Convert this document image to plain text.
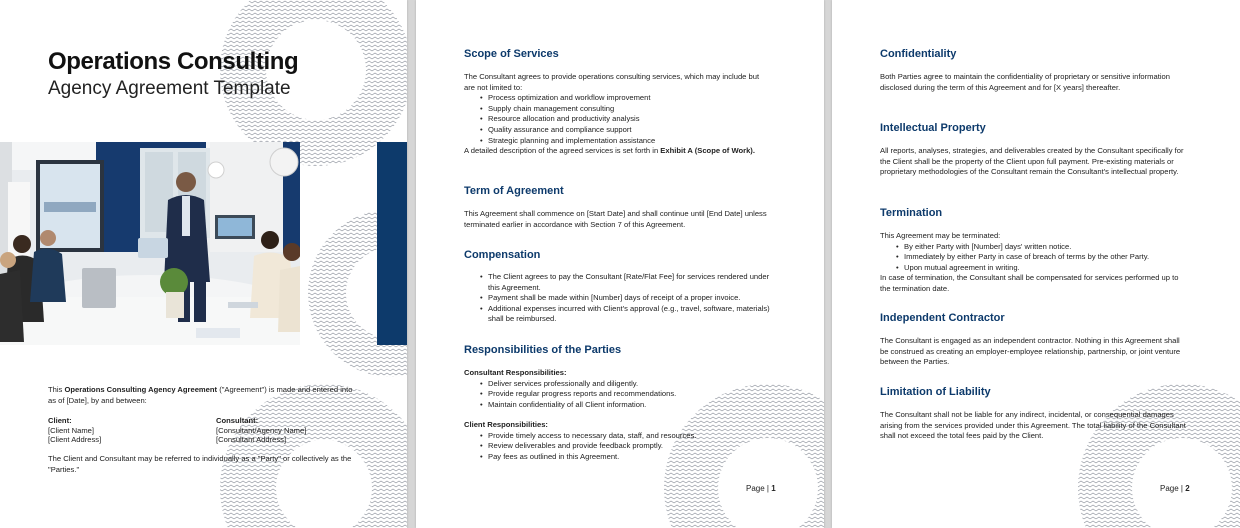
Operations Consulting
Agency Agreement Template
This Operations Consulting Agency Agreement ("Agreement") is made and entered into as of [Date], by and between:
Client:
[Client Name]
[Client Address]
Consultant:
[Consultant/Agency Name]
[Consultant Address]
The Client and Consultant may be referred to individually as a "Party" or collectively as the "Parties."
Scope of Services
The Consultant agrees to provide operations consulting services, which may include but are not limited to:
• Process optimization and workflow improvement
• Supply chain management consulting
• Resource allocation and productivity analysis
• Quality assurance and compliance support
• Strategic planning and implementation assistance
A detailed description of the agreed services is set forth in Exhibit A (Scope of Work).
Term of Agreement
This Agreement shall commence on [Start Date] and shall continue until [End Date] unless terminated earlier in accordance with Section 7 of this Agreement.
Compensation
• The Client agrees to pay the Consultant [Rate/Flat Fee] for services rendered under this Agreement.
• Payment shall be made within [Number] days of receipt of a proper invoice.
• Additional expenses incurred with Client's approval (e.g., travel, software, materials) shall be reimbursed.
Responsibilities of the Parties
Consultant Responsibilities:
• Deliver services professionally and diligently.
• Provide regular progress reports and recommendations.
• Maintain confidentiality of all Client information.
Client Responsibilities:
• Provide timely access to necessary data, staff, and resources.
• Review deliverables and provide feedback promptly.
• Pay fees as outlined in this Agreement.
Page | 1
Confidentiality
Both Parties agree to maintain the confidentiality of proprietary or sensitive information disclosed during the term of this Agreement and for [X years] thereafter.
Intellectual Property
All reports, analyses, strategies, and deliverables created by the Consultant specifically for the Client shall be the property of the Client upon full payment. Pre-existing materials or proprietary methodologies of the Consultant remain the Consultant's intellectual property.
Termination
This Agreement may be terminated:
• By either Party with [Number] days' written notice.
• Immediately by either Party in case of breach of terms by the other Party.
• Upon mutual agreement in writing.
In case of termination, the Consultant shall be compensated for services performed up to the termination date.
Independent Contractor
The Consultant is engaged as an independent contractor. Nothing in this Agreement shall be construed as creating an employer-employee relationship, partnership, or joint venture between the Parties.
Limitation of Liability
The Consultant shall not be liable for any indirect, incidental, or consequential damages arising from the services provided under this Agreement. The total liability of the Consultant shall not exceed the total fees paid by the Client.
Page | 2
